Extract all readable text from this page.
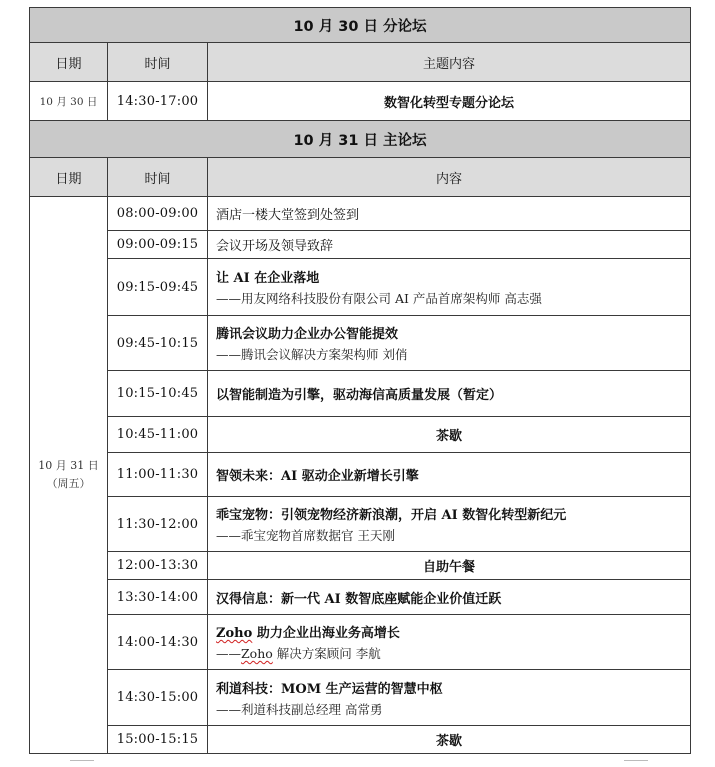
10 月 30 日 分论坛		
日期	时间	主题内容
10 月 30 日	14:30-17:00	数智化转型专题分论坛
10 月 31 日 主论坛		
日期	时间	内容
10 月 31 日
（周五）	08:00-09:00	酒店一楼大堂签到处签到
	09:00-09:15	会议开场及领导致辞
	09:15-09:45	让 AI 在企业落地
——用友网络科技股份有限公司 AI 产品首席架构师 高志强

	09:45-10:15	腾讯会议助力企业办公智能提效
——腾讯会议解决方案架构师 刘俏

	10:15-10:45	以智能制造为引擎，驱动海信高质量发展（暂定）
	10:45-11:00	茶歇
	11:00-11:30	智领未来：AI 驱动企业新增长引擎
	11:30-12:00	乖宝宠物：引领宠物经济新浪潮，开启 AI 数智化转型新纪元
——乖宝宠物首席数据官 王天刚

	12:00-13:30	自助午餐
	13:30-14:00	汉得信息：新一代 AI 数智底座赋能企业价值迁跃
	14:00-14:30	Zoho 助力企业出海业务高增长
——Zoho 解决方案顾问 李航

	14:30-15:00	利道科技：MOM 生产运营的智慧中枢
——利道科技副总经理 高常勇

	15:00-15:15	茶歇
